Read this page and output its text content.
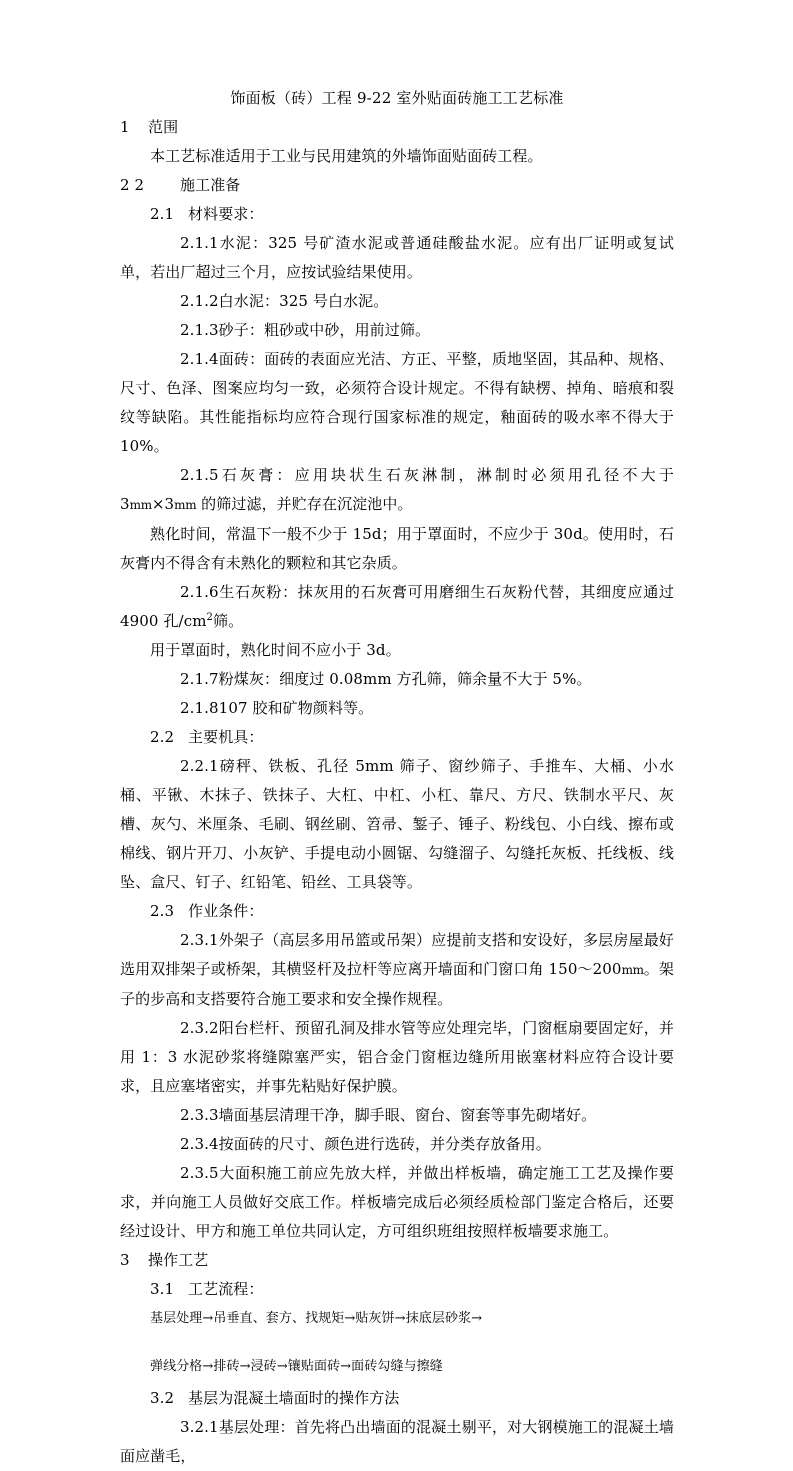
饰面板（砖）工程 9-22 室外贴面砖施工工艺标准
1 范围
本工艺标准适用于工业与民用建筑的外墙饰面贴面砖工程。
2 2 施工准备
2.1 材料要求：
2.1.1水泥：325 号矿渣水泥或普通硅酸盐水泥。应有出厂证明或复试单，若出厂超过三个月，应按试验结果使用。
2.1.2白水泥：325 号白水泥。
2.1.3砂子：粗砂或中砂，用前过筛。
2.1.4面砖：面砖的表面应光洁、方正、平整，质地坚固，其品种、规格、尺寸、色泽、图案应均匀一致，必须符合设计规定。不得有缺楞、掉角、暗痕和裂纹等缺陷。其性能指标均应符合现行国家标准的规定，釉面砖的吸水率不得大于 10%。
2.1.5石灰膏：应用块状生石灰淋制，淋制时必须用孔径不大于 3mm×3mm 的筛过滤，并贮存在沉淀池中。
熟化时间，常温下一般不少于 15d；用于罩面时，不应少于 30d。使用时，石灰膏内不得含有未熟化的颗粒和其它杂质。
2.1.6生石灰粉：抹灰用的石灰膏可用磨细生石灰粉代替，其细度应通过 4900 孔$/cm^2$筛。
用于罩面时，熟化时间不应小于 3d。
2.1.7粉煤灰：细度过 0.08mm 方孔筛，筛余量不大于 5%。
2.1.8107 胶和矿物颜料等。
2.2 主要机具：
2.2.1磅秤、铁板、孔径 5mm 筛子、窗纱筛子、手推车、大桶、小水桶、平锹、木抹子、铁抹子、大杠、中杠、小杠、靠尺、方尺、铁制水平尺、灰槽、灰勺、米厘条、毛刷、钢丝刷、笤帚、錾子、锤子、粉线包、小白线、擦布或棉线、钢片开刀、小灰铲、手提电动小圆锯、勾缝溜子、勾缝托灰板、托线板、线坠、盒尺、钉子、红铅笔、铅丝、工具袋等。
2.3 作业条件：
2.3.1外架子（高层多用吊篮或吊架）应提前支搭和安设好，多层房屋最好选用双排架子或桥架，其横竖杆及拉杆等应离开墙面和门窗口角 150～200mm。架子的步高和支搭要符合施工要求和安全操作规程。
2.3.2阳台栏杆、预留孔洞及排水管等应处理完毕，门窗框扇要固定好，并用 1：3 水泥砂浆将缝隙塞严实，铝合金门窗框边缝所用嵌塞材料应符合设计要求，且应塞堵密实，并事先粘贴好保护膜。
2.3.3墙面基层清理干净，脚手眼、窗台、窗套等事先砌堵好。
2.3.4按面砖的尺寸、颜色进行选砖，并分类存放备用。
2.3.5大面积施工前应先放大样，并做出样板墙，确定施工工艺及操作要求，并向施工人员做好交底工作。样板墙完成后必须经质检部门鉴定合格后，还要经过设计、甲方和施工单位共同认定，方可组织班组按照样板墙要求施工。
3 操作工艺
3.1 工艺流程：
基层处理→吊垂直、套方、找规矩→贴灰饼→抹底层砂浆→
弹线分格→排砖→浸砖→镶贴面砖→面砖勾缝与擦缝
3.2 基层为混凝土墙面时的操作方法
3.2.1基层处理：首先将凸出墙面的混凝土剔平，对大钢模施工的混凝土墙面应凿毛，
